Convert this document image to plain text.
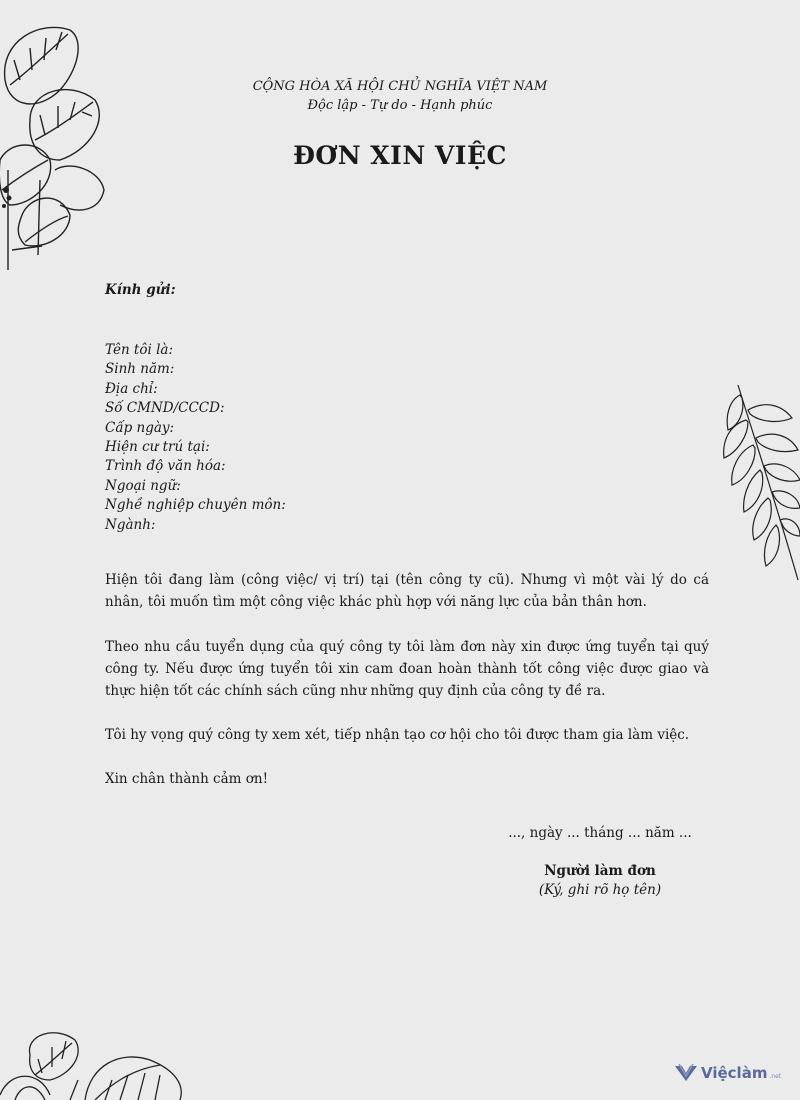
CỘNG HÒA XÃ HỘI CHỦ NGHĨA VIỆT NAM
Độc lập - Tự do - Hạnh phúc
ĐƠN XIN VIỆC
Kính gửi:
Tên tôi là:
Sinh năm:
Địa chỉ:
Số CMND/CCCD:
Cấp ngày:
Hiện cư trú tại:
Trình độ văn hóa:
Ngoại ngữ:
Nghề nghiệp chuyên môn:
Ngành:

Hiện tôi đang làm (công việc/ vị trí) tại (tên công ty cũ). Nhưng vì một vài lý do cá nhân, tôi muốn tìm một công việc khác phù hợp với năng lực của bản thân hơn.

Theo nhu cầu tuyển dụng của quý công ty tôi làm đơn này xin được ứng tuyển tại quý công ty. Nếu được ứng tuyển tôi xin cam đoan hoàn thành tốt công việc được giao và thực hiện tốt các chính sách cũng như những quy định của công ty đề ra.

Tôi hy vọng quý công ty xem xét, tiếp nhận tạo cơ hội cho tôi được tham gia làm việc.

Xin chân thành cảm ơn!

..., ngày ... tháng ... năm ...
Người làm đơn
(Ký, ghi rõ họ tên)
Việclàm .net
